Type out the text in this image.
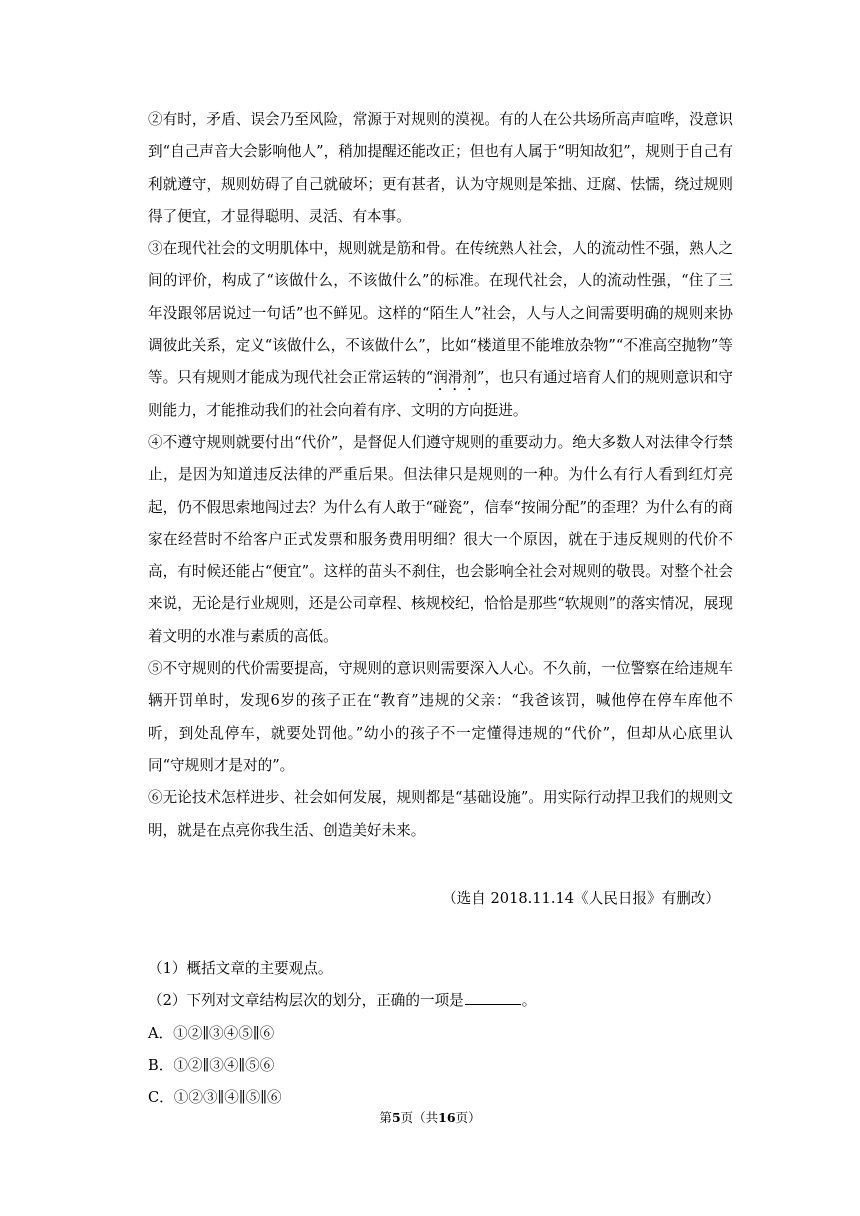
②有时，矛盾、误会乃至风险，常源于对规则的漠视。有的人在公共场所高声喧哗，没意识到“自己声音大会影响他人”，稍加提醒还能改正；但也有人属于“明知故犯”，规则于自己有利就遵守，规则妨碍了自己就破坏；更有甚者，认为守规则是笨拙、迂腐、怯懦，绕过规则得了便宜，才显得聪明、灵活、有本事。

③在现代社会的文明肌体中，规则就是筋和骨。在传统熟人社会，人的流动性不强，熟人之间的评价，构成了“该做什么，不该做什么”的标准。在现代社会，人的流动性强，“住了三年没跟邻居说过一句话”也不鲜见。这样的“陌生人”社会，人与人之间需要明确的规则来协调彼此关系，定义“该做什么，不该做什么”，比如“楼道里不能堆放杂物”“不准高空抛物”等等。只有规则才能成为现代社会正常运转的“润滑剂”，也只有通过培育人们的规则意识和守则能力，才能推动我们的社会向着有序、文明的方向挺进。

④不遵守规则就要付出“代价”，是督促人们遵守规则的重要动力。绝大多数人对法律令行禁止，是因为知道违反法律的严重后果。但法律只是规则的一种。为什么有行人看到红灯亮起，仍不假思索地闯过去？为什么有人敢于“碰瓷”，信奉“按闹分配”的歪理？为什么有的商家在经营时不给客户正式发票和服务费用明细？很大一个原因，就在于违反规则的代价不高，有时候还能占“便宜”。这样的苗头不刹住，也会影响全社会对规则的敬畏。对整个社会来说，无论是行业规则，还是公司章程、核规校纪，恰恰是那些“软规则”的落实情况，展现着文明的水准与素质的高低。

⑤不守规则的代价需要提高，守规则的意识则需要深入人心。不久前，一位警察在给违规车辆开罚单时，发现6岁的孩子正在“教育”违规的父亲：“我爸该罚，喊他停在停车库他不听，到处乱停车，就要处罚他。”幼小的孩子不一定懂得违规的“代价”，但却从心底里认同“守规则才是对的”。

⑥无论技术怎样进步、社会如何发展，规则都是“基础设施”。用实际行动捍卫我们的规则文明，就是在点亮你我生活、创造美好未来。

（选自 2018.11.14《人民日报》有删改）

（1）概括文章的主要观点。

（2）下列对文章结构层次的划分，正确的一项是	。

A．①②∥③④⑤∥⑥

B．①②∥③④∥⑤⑥

C．①②③∥④∥⑤∥⑥

第5页（共16页）
